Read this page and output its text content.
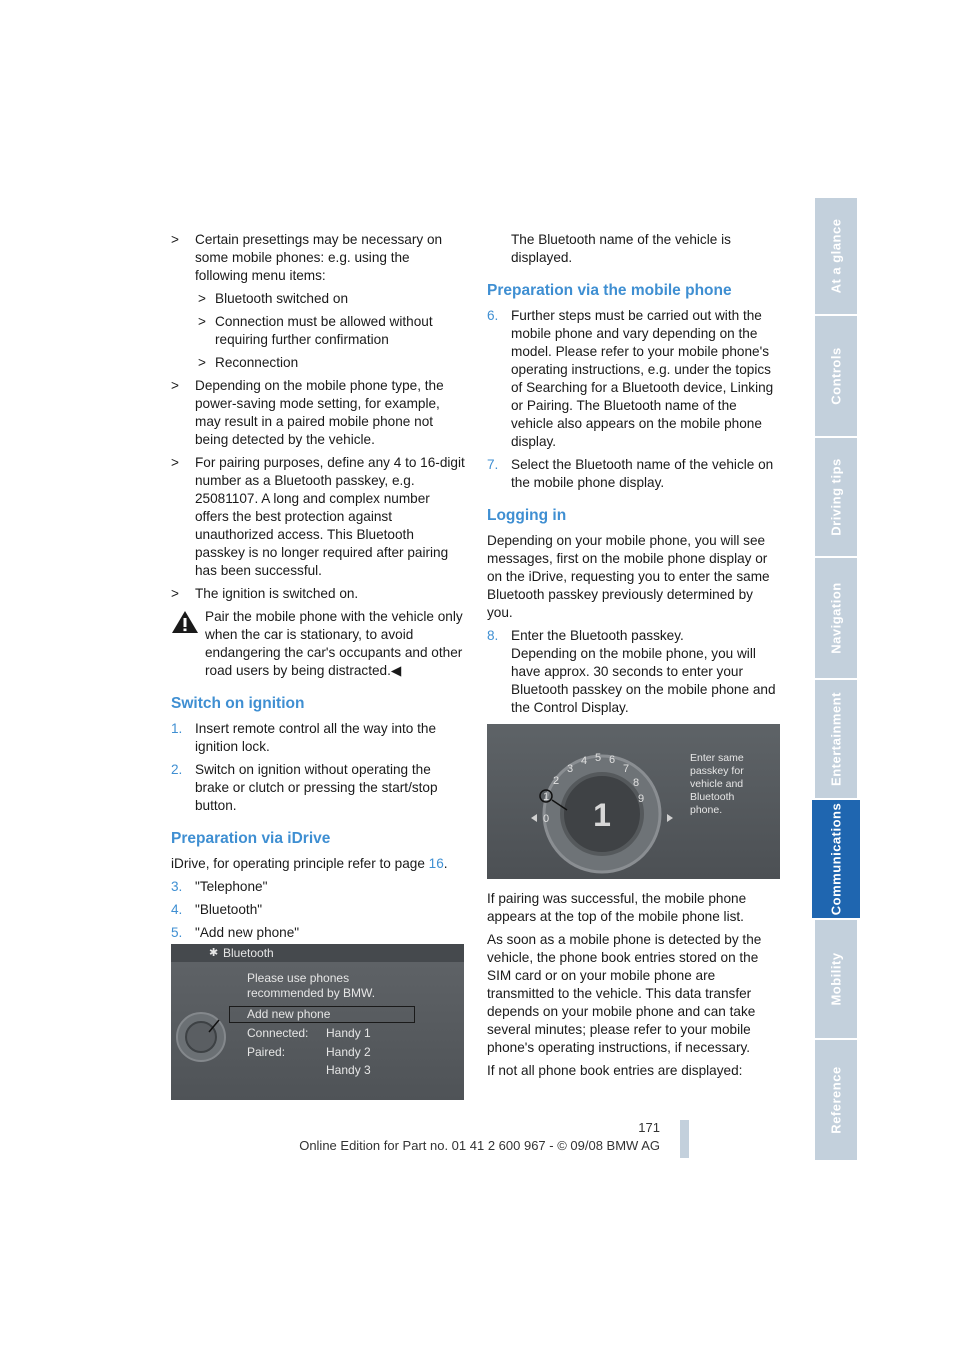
> Certain presettings may be necessary on some mobile phones: e.g. using the following menu items:
> Bluetooth switched on
> Connection must be allowed without requiring further confirmation
> Reconnection
> Depending on the mobile phone type, the power-saving mode setting, for example, may result in a paired mobile phone not being detected by the vehicle.
> For pairing purposes, define any 4 to 16-digit number as a Bluetooth passkey, e.g. 25081107. A long and complex number offers the best protection against unauthorized access. This Bluetooth passkey is no longer required after pairing has been successful.
> The ignition is switched on.
Pair the mobile phone with the vehicle only when the car is stationary, to avoid endangering the car's occupants and other road users by being distracted.◀
Switch on ignition
1. Insert remote control all the way into the ignition lock.
2. Switch on ignition without operating the brake or clutch or pressing the start/stop button.
Preparation via iDrive

iDrive, for operating principle refer to page 16.

3. "Telephone"
4. "Bluetooth"
5. "Add new phone"
✱ Bluetooth
Please use phones
recommended by BMW.
Add new phone
Connected: Handy 1
Paired:	Handy 2
Handy 3

The Bluetooth name of the vehicle is displayed.

Preparation via the mobile phone
6. Further steps must be carried out with the mobile phone and vary depending on the model. Please refer to your mobile phone's operating instructions, e.g. under the topics of Searching for a Bluetooth device, Linking or Pairing. The Bluetooth name of the vehicle also appears on the mobile phone display.
7. Select the Bluetooth name of the vehicle on the mobile phone display.
Logging in

Depending on your mobile phone, you will see messages, first on the mobile phone display or on the iDrive, requesting you to enter the same Bluetooth passkey previously determined by you.

8. Enter the Bluetooth passkey.
Depending on the mobile phone, you will have approx. 30 seconds to enter your Bluetooth passkey on the mobile phone and the Control Display.
1
0
1
2
3
4 5 6
7
8
9
Enter same
passkey for
vehicle and
Bluetooth
phone.

If pairing was successful, the mobile phone appears at the top of the mobile phone list.

As soon as a mobile phone is detected by the vehicle, the phone book entries stored on the SIM card or on your mobile phone are transmitted to the vehicle. This data transfer depends on your mobile phone and can take several minutes; please refer to your mobile phone's operating instructions, if necessary.

If not all phone book entries are displayed:

At a glance
Controls
Driving tips
Navigation
Entertainment
Communications
Mobility
Reference
171
Online Edition for Part no. 01 41 2 600 967 - © 09/08 BMW AG
